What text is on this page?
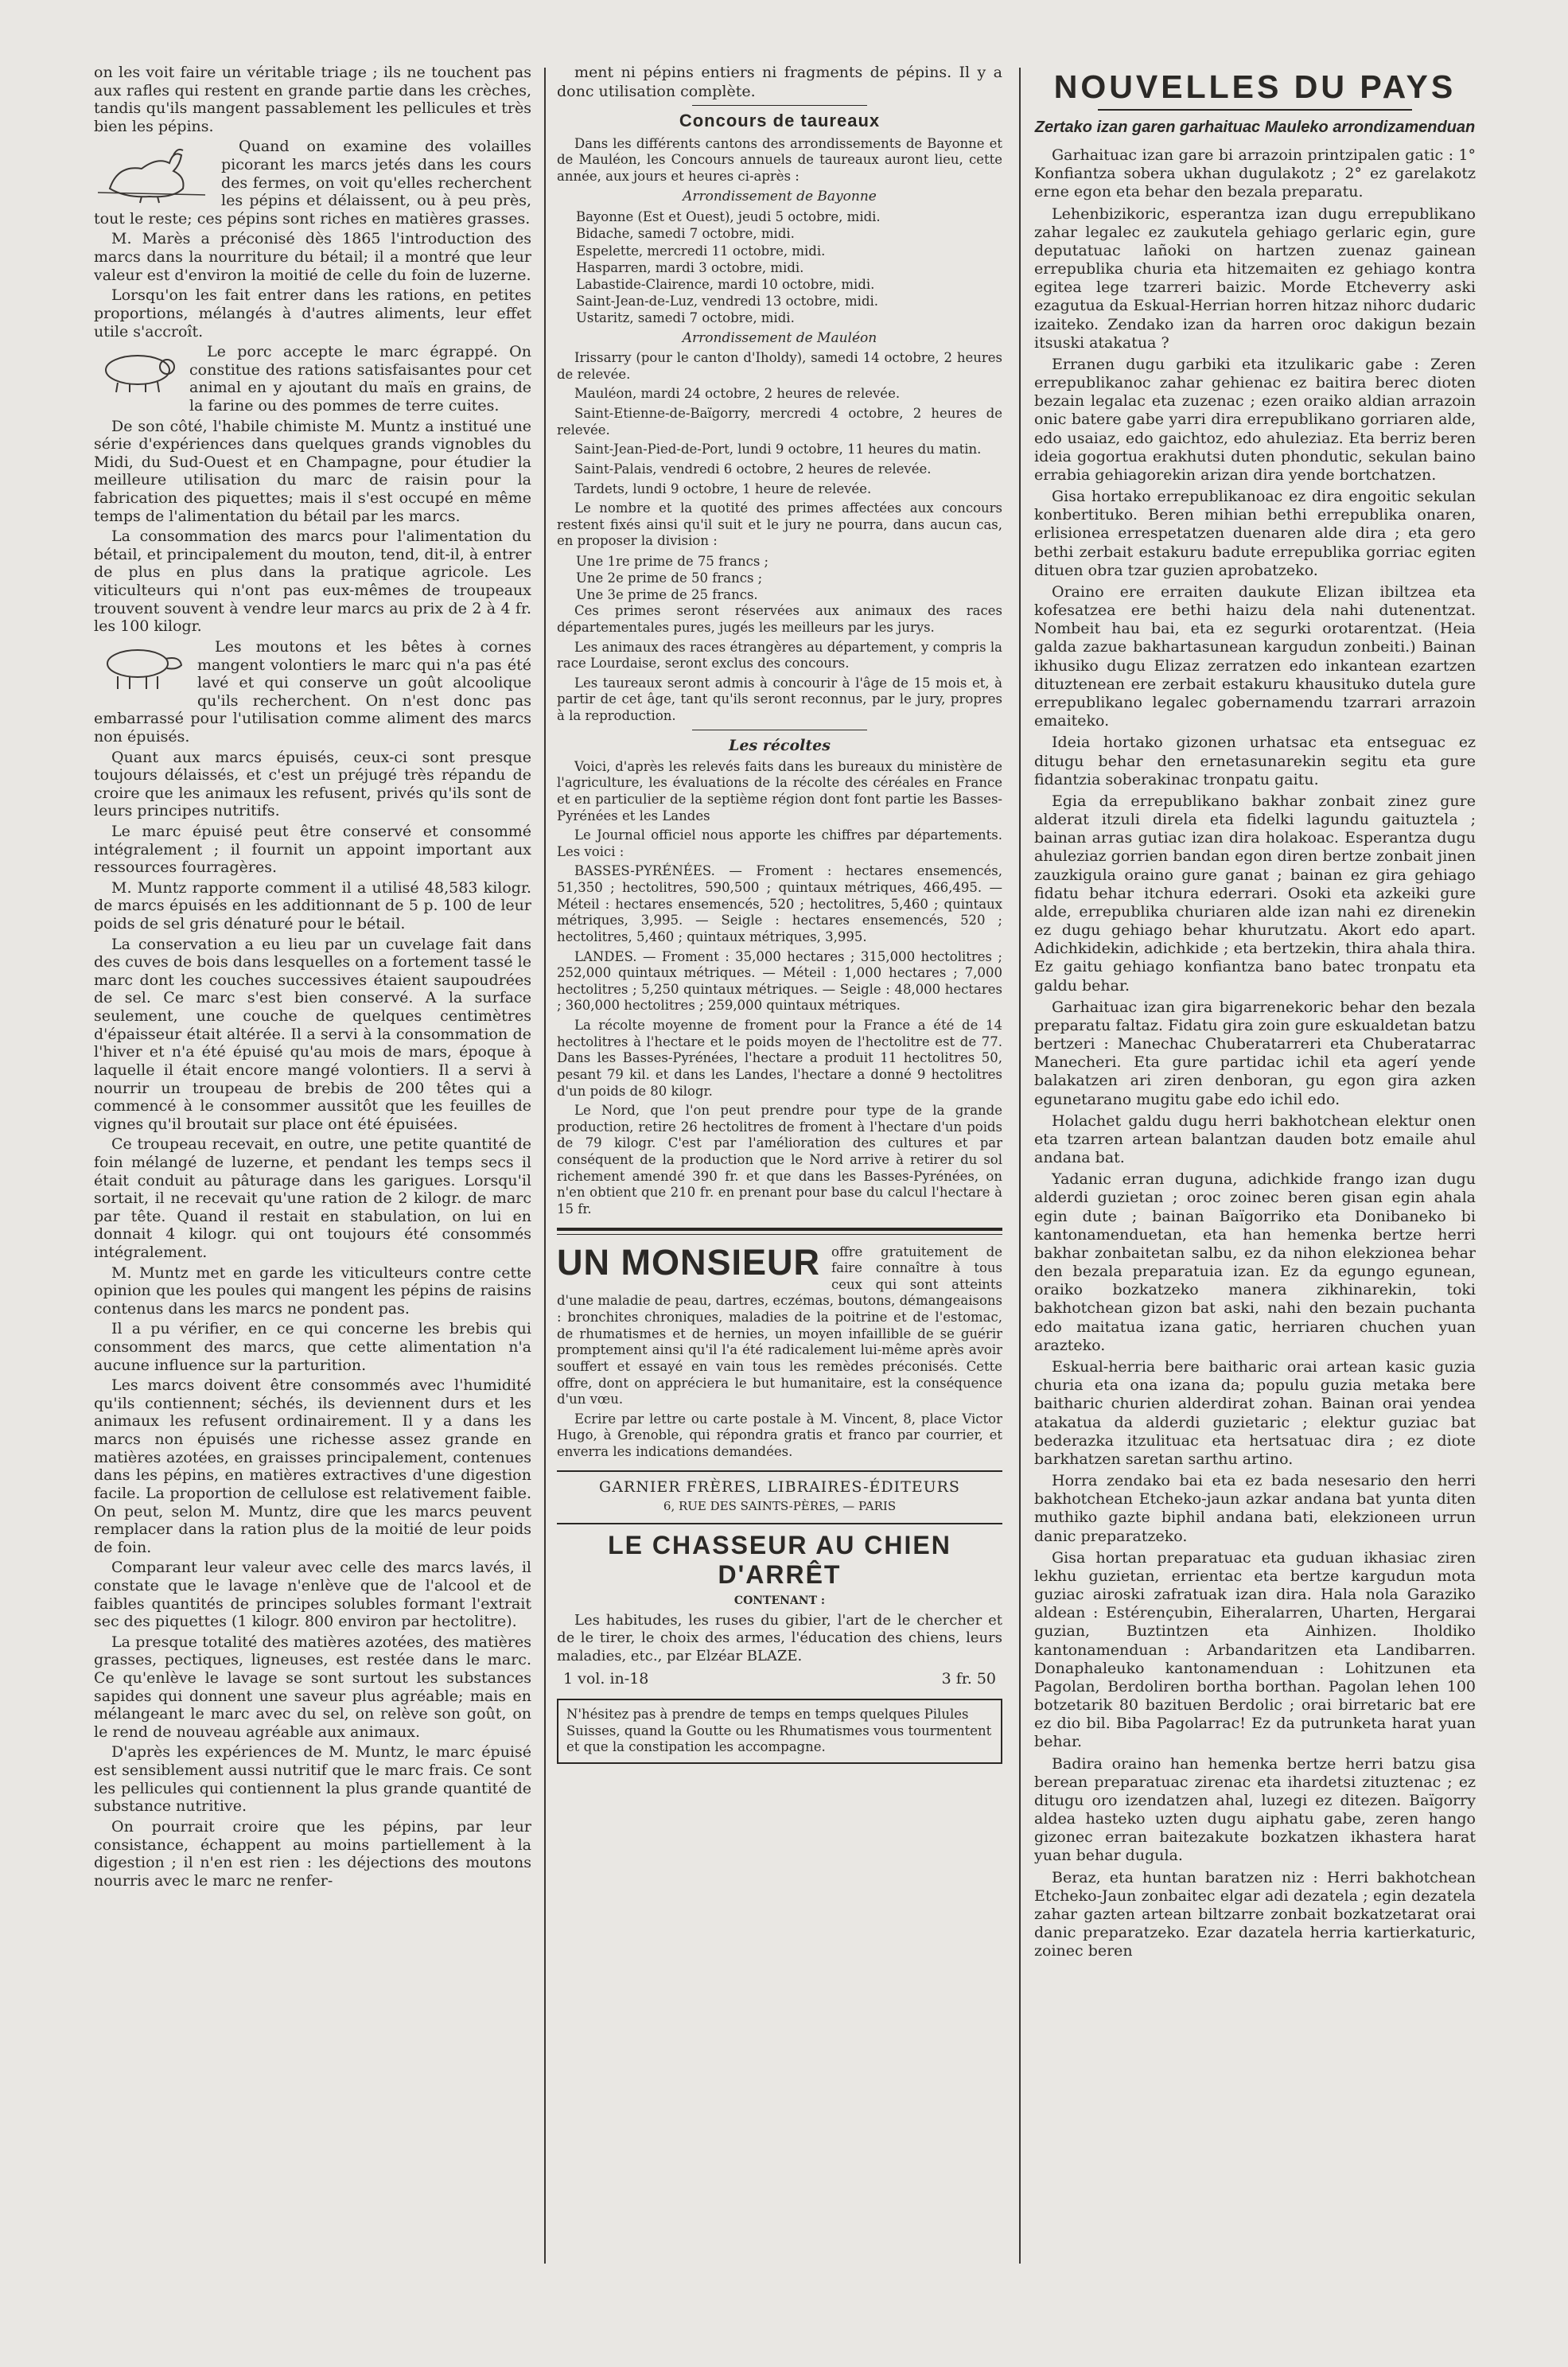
on les voit faire un véritable triage ; ils ne touchent pas aux rafles qui restent en grande partie dans les crèches, tandis qu'ils mangent passablement les pellicules et très bien les pépins.

Quand on examine des volailles picorant les marcs jetés dans les cours des fermes, on voit qu'elles recherchent les pépins et délaissent, ou à peu près, tout le reste; ces pépins sont riches en matières grasses.

M. Marès a préconisé dès 1865 l'introduction des marcs dans la nourriture du bétail; il a montré que leur valeur est d'environ la moitié de celle du foin de luzerne.

Lorsqu'on les fait entrer dans les rations, en petites proportions, mélangés à d'autres aliments, leur effet utile s'accroît.

Le porc accepte le marc égrappé. On constitue des rations satisfaisantes pour cet animal en y ajoutant du maïs en grains, de la farine ou des pommes de terre cuites.

De son côté, l'habile chimiste M. Muntz a institué une série d'expériences dans quelques grands vignobles du Midi, du Sud-Ouest et en Champagne, pour étudier la meilleure utilisation du marc de raisin pour la fabrication des piquettes; mais il s'est occupé en même temps de l'alimentation du bétail par les marcs.

La consommation des marcs pour l'alimentation du bétail, et principalement du mouton, tend, dit-il, à entrer de plus en plus dans la pratique agricole. Les viticulteurs qui n'ont pas eux-mêmes de troupeaux trouvent souvent à vendre leur marcs au prix de 2 à 4 fr. les 100 kilogr.

Les moutons et les bêtes à cornes mangent volontiers le marc qui n'a pas été lavé et qui conserve un goût alcoolique qu'ils recherchent. On n'est donc pas embarrassé pour l'utilisation comme aliment des marcs non épuisés.

Quant aux marcs épuisés, ceux-ci sont presque toujours délaissés, et c'est un préjugé très répandu de croire que les animaux les refusent, privés qu'ils sont de leurs principes nutritifs.

Le marc épuisé peut être conservé et consommé intégralement ; il fournit un appoint important aux ressources fourragères.

M. Muntz rapporte comment il a utilisé 48,583 kilogr. de marcs épuisés en les additionnant de 5 p. 100 de leur poids de sel gris dénaturé pour le bétail.

La conservation a eu lieu par un cuvelage fait dans des cuves de bois dans lesquelles on a fortement tassé le marc dont les couches successives étaient saupoudrées de sel. Ce marc s'est bien conservé. A la surface seulement, une couche de quelques centimètres d'épaisseur était altérée. Il a servi à la consommation de l'hiver et n'a été épuisé qu'au mois de mars, époque à laquelle il était encore mangé volontiers. Il a servi à nourrir un troupeau de brebis de 200 têtes qui a commencé à le consommer aussitôt que les feuilles de vignes qu'il broutait sur place ont été épuisées.

Ce troupeau recevait, en outre, une petite quantité de foin mélangé de luzerne, et pendant les temps secs il était conduit au pâturage dans les garigues. Lorsqu'il sortait, il ne recevait qu'une ration de 2 kilogr. de marc par tête. Quand il restait en stabulation, on lui en donnait 4 kilogr. qui ont toujours été consommés intégralement.

M. Muntz met en garde les viticulteurs contre cette opinion que les poules qui mangent les pépins de raisins contenus dans les marcs ne pondent pas.

Il a pu vérifier, en ce qui concerne les brebis qui consomment des marcs, que cette alimentation n'a aucune influence sur la parturition.

Les marcs doivent être consommés avec l'humidité qu'ils contiennent; séchés, ils deviennent durs et les animaux les refusent ordinairement. Il y a dans les marcs non épuisés une richesse assez grande en matières azotées, en graisses principalement, contenues dans les pépins, en matières extractives d'une digestion facile. La proportion de cellulose est relativement faible. On peut, selon M. Muntz, dire que les marcs peuvent remplacer dans la ration plus de la moitié de leur poids de foin.

Comparant leur valeur avec celle des marcs lavés, il constate que le lavage n'enlève que de l'alcool et de faibles quantités de principes solubles formant l'extrait sec des piquettes (1 kilogr. 800 environ par hectolitre).

La presque totalité des matières azotées, des matières grasses, pectiques, ligneuses, est restée dans le marc. Ce qu'enlève le lavage se sont surtout les substances sapides qui donnent une saveur plus agréable; mais en mélangeant le marc avec du sel, on relève son goût, on le rend de nouveau agréable aux animaux.

D'après les expériences de M. Muntz, le marc épuisé est sensiblement aussi nutritif que le marc frais. Ce sont les pellicules qui contiennent la plus grande quantité de substance nutritive.

On pourrait croire que les pépins, par leur consistance, échappent au moins partiellement à la digestion ; il n'en est rien : les déjections des moutons nourris avec le marc ne renfer-

ment ni pépins entiers ni fragments de pépins. Il y a donc utilisation complète.

Concours de taureaux

Dans les différents cantons des arrondissements de Bayonne et de Mauléon, les Concours annuels de taureaux auront lieu, cette année, aux jours et heures ci-après :

Arrondissement de Bayonne
Bayonne (Est et Ouest), jeudi 5 octobre, midi.
Bidache, samedi 7 octobre, midi.
Espelette, mercredi 11 octobre, midi.
Hasparren, mardi 3 octobre, midi.
Labastide-Clairence, mardi 10 octobre, midi.
Saint-Jean-de-Luz, vendredi 13 octobre, midi.
Ustaritz, samedi 7 octobre, midi.
Arrondissement de Mauléon

Irissarry (pour le canton d'Iholdy), samedi 14 octobre, 2 heures de relevée.

Mauléon, mardi 24 octobre, 2 heures de relevée.

Saint-Etienne-de-Baïgorry, mercredi 4 octobre, 2 heures de relevée.

Saint-Jean-Pied-de-Port, lundi 9 octobre, 11 heures du matin.

Saint-Palais, vendredi 6 octobre, 2 heures de relevée.

Tardets, lundi 9 octobre, 1 heure de relevée.

Le nombre et la quotité des primes affectées aux concours restent fixés ainsi qu'il suit et le jury ne pourra, dans aucun cas, en proposer la division :

Une 1re prime de 75 francs ;
Une 2e prime de 50 francs ;
Une 3e prime de 25 francs.

Ces primes seront réservées aux animaux des races départementales pures, jugés les meilleurs par les jurys.

Les animaux des races étrangères au département, y compris la race Lourdaise, seront exclus des concours.

Les taureaux seront admis à concourir à l'âge de 15 mois et, à partir de cet âge, tant qu'ils seront reconnus, par le jury, propres à la reproduction.

Les récoltes

Voici, d'après les relevés faits dans les bureaux du ministère de l'agriculture, les évaluations de la récolte des céréales en France et en particulier de la septième région dont font partie les Basses-Pyrénées et les Landes

Le Journal officiel nous apporte les chiffres par départements. Les voici :

BASSES-PYRÉNÉES. — Froment : hectares ensemencés, 51,350 ; hectolitres, 590,500 ; quintaux métriques, 466,495. — Méteil : hectares ensemencés, 520 ; hectolitres, 5,460 ; quintaux métriques, 3,995. — Seigle : hectares ensemencés, 520 ; hectolitres, 5,460 ; quintaux métriques, 3,995.

LANDES. — Froment : 35,000 hectares ; 315,000 hectolitres ; 252,000 quintaux métriques. — Méteil : 1,000 hectares ; 7,000 hectolitres ; 5,250 quintaux métriques. — Seigle : 48,000 hectares ; 360,000 hectolitres ; 259,000 quintaux métriques.

La récolte moyenne de froment pour la France a été de 14 hectolitres à l'hectare et le poids moyen de l'hectolitre est de 77. Dans les Basses-Pyrénées, l'hectare a produit 11 hectolitres 50, pesant 79 kil. et dans les Landes, l'hectare a donné 9 hectolitres d'un poids de 80 kilogr.

Le Nord, que l'on peut prendre pour type de la grande production, retire 26 hectolitres de froment à l'hectare d'un poids de 79 kilogr. C'est par l'amélioration des cultures et par conséquent de la production que le Nord arrive à retirer du sol richement amendé 390 fr. et que dans les Basses-Pyrénées, on n'en obtient que 210 fr. en prenant pour base du calcul l'hectare à 15 fr.

UN MONSIEUR offre gratuitement de faire connaître à tous ceux qui sont atteints d'une maladie de peau, dartres, eczémas, boutons, démangeaisons : bronchites chroniques, maladies de la poitrine et de l'estomac, de rhumatismes et de hernies, un moyen infaillible de se guérir promptement ainsi qu'il l'a été radicalement lui-même après avoir souffert et essayé en vain tous les remèdes préconisés. Cette offre, dont on appréciera le but humanitaire, est la conséquence d'un vœu.

Ecrire par lettre ou carte postale à M. Vincent, 8, place Victor Hugo, à Grenoble, qui répondra gratis et franco par courrier, et enverra les indications demandées.

GARNIER FRÈRES, LIBRAIRES-ÉDITEURS
6, RUE DES SAINTS-PÈRES, — PARIS
LE CHASSEUR AU CHIEN D'ARRÊT
CONTENANT :

Les habitudes, les ruses du gibier, l'art de le chercher et de le tirer, le choix des armes, l'éducation des chiens, leurs maladies, etc., par Elzéar BLAZE.

1 vol. in-18	3 fr. 50
N'hésitez pas à prendre de temps en temps quelques Pilules Suisses, quand la Goutte ou les Rhumatismes vous tourmentent et que la constipation les accompagne.
NOUVELLES DU PAYS
Zertako izan garen garhaituac Mauleko arrondizamenduan

Garhaituac izan gare bi arrazoin printzipalen gatic : 1° Konfiantza sobera ukhan dugulakotz ; 2° ez garelakotz erne egon eta behar den bezala preparatu.

Lehenbizikoric, esperantza izan dugu errepublikano zahar legalec ez zaukutela gehiago gerlaric egin, gure deputatuac lañoki on hartzen zuenaz gainean errepublika churia eta hitzemaiten ez gehiago kontra egitea lege tzarreri baizic. Morde Etcheverry aski ezagutua da Eskual-Herrian horren hitzaz nihorc dudaric izaiteko. Zendako izan da harren oroc dakigun bezain itsuski atakatua ?

Erranen dugu garbiki eta itzulikaric gabe : Zeren errepublikanoc zahar gehienac ez baitira berec dioten bezain legalac eta zuzenac ; ezen oraiko aldian arrazoin onic batere gabe yarri dira errepublikano gorriaren alde, edo usaiaz, edo gaichtoz, edo ahuleziaz. Eta berriz beren ideia gogortua erakhutsi duten phondutic, sekulan baino errabia gehiagorekin arizan dira yende bortchatzen.

Gisa hortako errepublikanoac ez dira engoitic sekulan konbertituko. Beren mihian bethi errepublika onaren, erlisionea errespetatzen duenaren alde dira ; eta gero bethi zerbait estakuru badute errepublika gorriac egiten dituen obra tzar guzien aprobatzeko.

Oraino ere erraiten daukute Elizan ibiltzea eta kofesatzea ere bethi haizu dela nahi dutenentzat. Nombeit hau bai, eta ez segurki orotarentzat. (Heia galda zazue bakhartasunean kargudun zonbeiti.) Bainan ikhusiko dugu Elizaz zerratzen edo inkantean ezartzen dituztenean ere zerbait estakuru khausituko dutela gure errepublikano legalec gobernamendu tzarrari arrazoin emaiteko.

Ideia hortako gizonen urhatsac eta entseguac ez ditugu behar den ernetasunarekin segitu eta gure fidantzia soberakinac tronpatu gaitu.

Egia da errepublikano bakhar zonbait zinez gure alderat itzuli direla eta fidelki lagundu gaituztela ; bainan arras gutiac izan dira holakoac. Esperantza dugu ahuleziaz gorrien bandan egon diren bertze zonbait jinen zauzkigula oraino gure ganat ; bainan ez gira gehiago fidatu behar itchura ederrari. Osoki eta azkeiki gure alde, errepublika churiaren alde izan nahi ez direnekin ez dugu gehiago behar khurutzatu. Akort edo apart. Adichkidekin, adichkide ; eta bertzekin, thira ahala thira. Ez gaitu gehiago konfiantza bano batec tronpatu eta galdu behar.

Garhaituac izan gira bigarrenekoric behar den bezala preparatu faltaz. Fidatu gira zoin gure eskualdetan batzu bertzeri : Manechac Chuberatarreri eta Chuberatarrac Manecheri. Eta gure partidac ichil eta agerí yende balakatzen ari ziren denboran, gu egon gira azken egunetarano mugitu gabe edo ichil edo.

Holachet galdu dugu herri bakhotchean elektur onen eta tzarren artean balantzan dauden botz emaile ahul andana bat.

Yadanic erran duguna, adichkide frango izan dugu alderdi guzietan ; oroc zoinec beren gisan egin ahala egin dute ; bainan Baïgorriko eta Donibaneko bi kantonamenduetan, eta han hemenka bertze herri bakhar zonbaitetan salbu, ez da nihon elekzionea behar den bezala preparatuia izan. Ez da egungo egunean, oraiko bozkatzeko manera zikhinarekin, toki bakhotchean gizon bat aski, nahi den bezain puchanta edo maitatua izana gatic, herriaren chuchen yuan arazteko.

Eskual-herria bere baitharic orai artean kasic guzia churia eta ona izana da; populu guzia metaka bere baitharic churien alderdirat zohan. Bainan orai yendea atakatua da alderdi guzietaric ; elektur guziac bat bederazka itzulituac eta hertsatuac dira ; ez diote barkhatzen saretan sarthu artino.

Horra zendako bai eta ez bada nesesario den herri bakhotchean Etcheko-jaun azkar andana bat yunta diten muthiko gazte biphil andana bati, elekzioneen urrun danic preparatzeko.

Gisa hortan preparatuac eta guduan ikhasiac ziren lekhu guzietan, errientac eta bertze kargudun mota guziac airoski zafratuak izan dira. Hala nola Garaziko aldean : Estérençubin, Eiheralarren, Uharten, Hergarai guzian, Buztintzen eta Ainhizen. Iholdiko kantonamenduan : Arbandaritzen eta Landibarren. Donaphaleuko kantonamenduan : Lohitzunen eta Pagolan, Berdoliren bortha borthan. Pagolan lehen 100 botzetarik 80 bazituen Berdolic ; orai birretaric bat ere ez dio bil. Biba Pagolarrac! Ez da putrunketa harat yuan behar.

Badira oraino han hemenka bertze herri batzu gisa berean preparatuac zirenac eta ihardetsi zituztenac ; ez ditugu oro izendatzen ahal, luzegi ez ditezen. Baïgorry aldea hasteko uzten dugu aiphatu gabe, zeren hango gizonec erran baitezakute bozkatzen ikhastera harat yuan behar dugula.

Beraz, eta huntan baratzen niz : Herri bakhotchean Etcheko-Jaun zonbaitec elgar adi dezatela ; egin dezatela zahar gazten artean biltzarre zonbait bozkatzetarat orai danic preparatzeko. Ezar dazatela herria kartierkaturic, zoinec beren
